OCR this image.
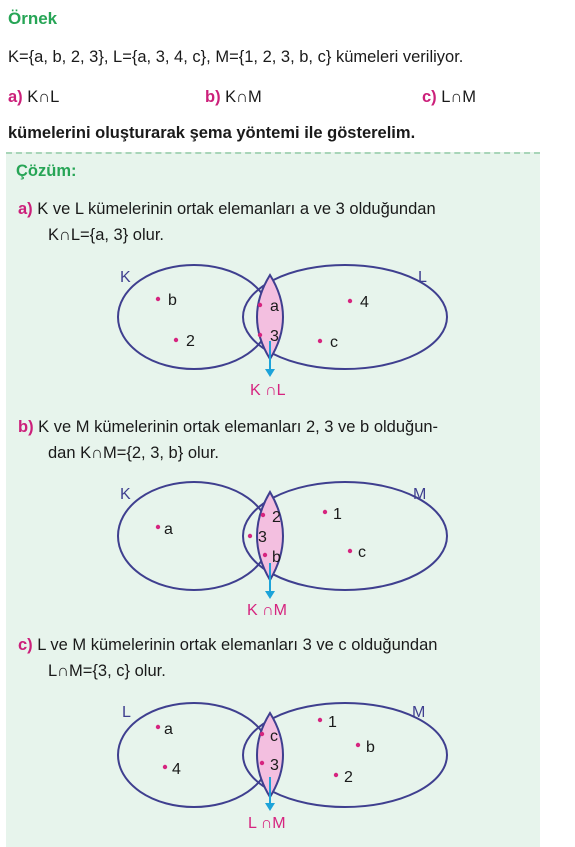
Örnek
K={a, b, 2, 3}, L={a, 3, 4, c}, M={1, 2, 3, b, c} kümeleri veriliyor.
a) K∩L	b) K∩M	c) L∩M
kümelerini oluşturarak şema yöntemi ile gösterelim.
Çözüm:
a) K ve L kümelerinin ortak elemanları a ve 3 olduğundan
K∩L={a, 3} olur.
K	L
b
2
a
3
4
c
K ∩L
b) K ve M kümelerinin ortak elemanları 2, 3 ve b olduğun-
dan K∩M={2, 3, b} olur.
K	M
a
2
3
b
1
c
K ∩M
c) L ve M kümelerinin ortak elemanları 3 ve c olduğundan
L∩M={3, c} olur.
L	M
a
4
c
3
1
b
2
L ∩M
